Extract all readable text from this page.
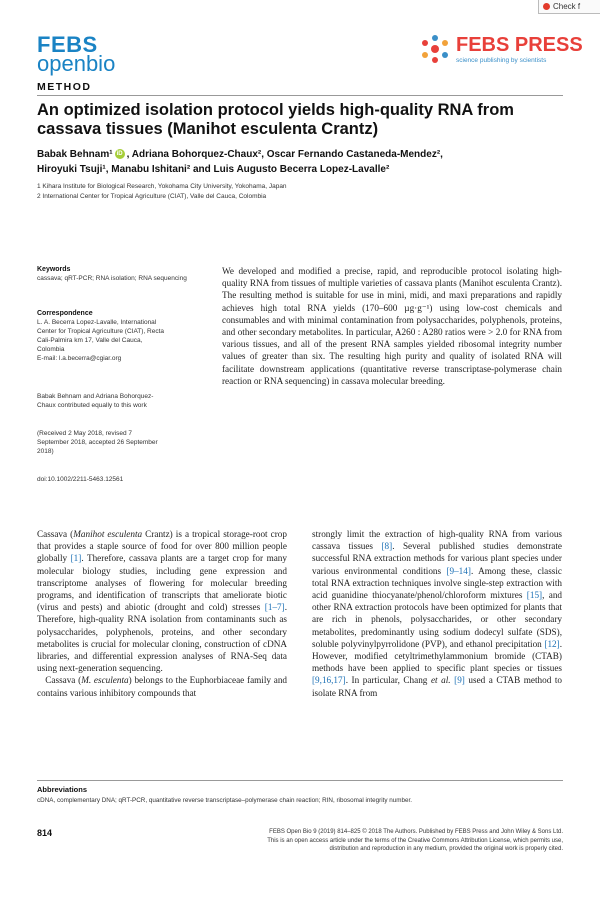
Check f
FEBS
openbio
FEBS PRESS
science publishing by scientists
METHOD
An optimized isolation protocol yields high-quality RNA from cassava tissues (Manihot esculenta Crantz)
Babak Behnam¹ iD , Adriana Bohorquez-Chaux², Oscar Fernando Castaneda-Mendez²,
Hiroyuki Tsuji¹, Manabu Ishitani² and Luis Augusto Becerra Lopez-Lavalle²
1 Kihara Institute for Biological Research, Yokohama City University, Yokohama, Japan
2 International Center for Tropical Agriculture (CIAT), Valle del Cauca, Colombia
Keywords
cassava; qRT-PCR; RNA isolation; RNA sequencing
Correspondence
L. A. Becerra Lopez-Lavalle, International
Center for Tropical Agriculture (CIAT), Recta
Cali-Palmira km 17, Valle del Cauca,
Colombia
E-mail: l.a.becerra@cgiar.org
Babak Behnam and Adriana Bohorquez-
Chaux contributed equally to this work
(Received 2 May 2018, revised 7
September 2018, accepted 26 September
2018)
doi:10.1002/2211-5463.12561
We developed and modified a precise, rapid, and reproducible protocol isolating high-quality RNA from tissues of multiple varieties of cassava plants (Manihot esculenta Crantz). The resulting method is suitable for use in mini, midi, and maxi preparations and rapidly achieves high total RNA yields (170–600 µg·g⁻¹) using low-cost chemicals and consumables and with minimal contamination from polysaccharides, polyphenols, proteins, and other secondary metabolites. In particular, A260 : A280 ratios were > 2.0 for RNA from various tissues, and all of the present RNA samples yielded ribosomal integrity number values of greater than six. The resulting high purity and quality of isolated RNA will facilitate downstream applications (quantitative reverse transcriptase-polymerase chain reaction or RNA sequencing) in cassava molecular breeding.
Cassava (Manihot esculenta Crantz) is a tropical storage-root crop that provides a staple source of food for over 800 million people globally [1]. Therefore, cassava plants are a target crop for many molecular biology studies, including gene expression and transcriptome analyses of flowering for molecular breeding programs, and identification of transcripts that ameliorate biotic (virus and pests) and abiotic (drought and cold) stresses [1–7]. Therefore, high-quality RNA isolation from contaminants such as polysaccharides, polyphenols, proteins, and other secondary metabolites is crucial for molecular cloning, construction of cDNA libraries, and differential expression analyses of RNA-Seq data using next-generation sequencing.
Cassava (M. esculenta) belongs to the Euphorbiaceae family and contains various inhibitory compounds that
strongly limit the extraction of high-quality RNA from various cassava tissues [8]. Several published studies demonstrate successful RNA extraction methods for various plant species under various environmental conditions [9–14]. Among these, classic total RNA extraction techniques involve single-step extraction with acid guanidine thiocyanate/phenol/chloroform mixtures [15], and other RNA extraction protocols have been optimized for plants that are rich in phenols, polysaccharides, or other secondary metabolites, predominantly using sodium dodecyl sulfate (SDS), soluble polyvinylpyrrolidone (PVP), and ethanol precipitation [12]. However, modified cetyltrimethylammonium bromide (CTAB) methods have been applied to specific plant species or tissues [9,16,17]. In particular, Chang et al. [9] used a CTAB method to isolate RNA from
Abbreviations
cDNA, complementary DNA; qRT-PCR, quantitative reverse transcriptase–polymerase chain reaction; RIN, ribosomal integrity number.
814	FEBS Open Bio 9 (2019) 814–825 © 2018 The Authors. Published by FEBS Press and John Wiley & Sons Ltd.
This is an open access article under the terms of the Creative Commons Attribution License, which permits use,
distribution and reproduction in any medium, provided the original work is properly cited.
